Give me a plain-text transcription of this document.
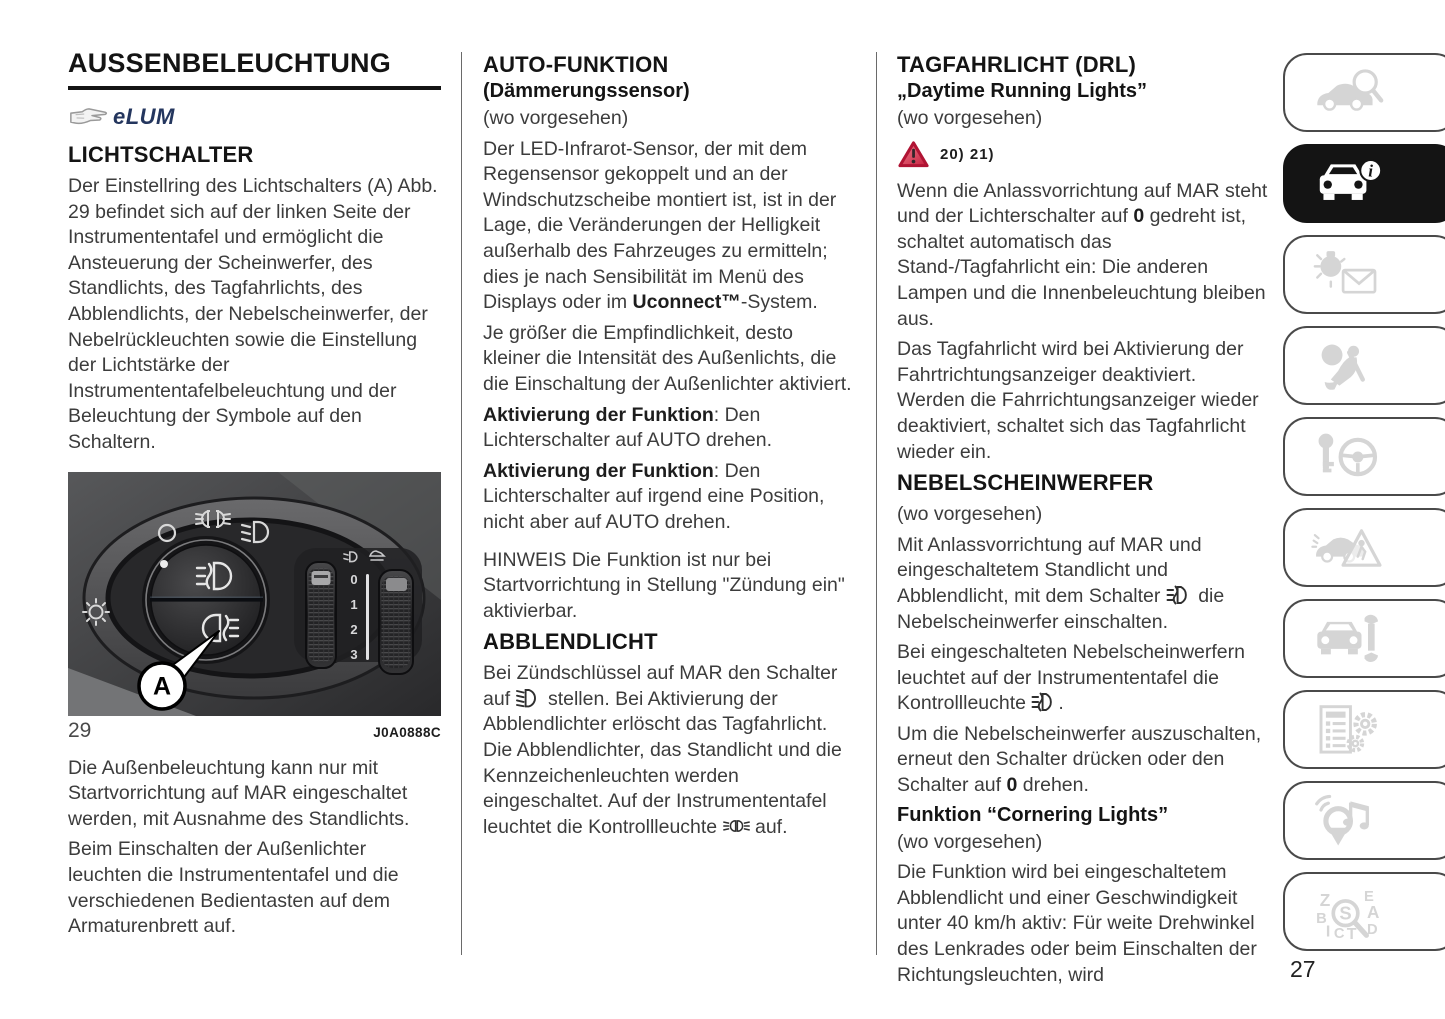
AUSSENBELEUCHTUNG
eLUM
LICHTSCHALTER

Der Einstellring des Lichtschalters (A) Abb. 29 befindet sich auf der linken Seite der Instrumententafel und ermöglicht die Ansteuerung der Scheinwerfer, des Standlichts, des Tagfahrlichts, des Abblendlichts, der Nebelscheinwerfer, der Nebelrückleuchten sowie die Einstellung der Lichtstärke der Instrumententafelbeleuchtung und der Beleuchtung der Symbole auf den Schaltern.

0
1
2
3
A
29	J0A0888C

Die Außenbeleuchtung kann nur mit Startvorrichtung auf MAR eingeschaltet werden, mit Ausnahme des Standlichts.

Beim Einschalten der Außenlichter leuchten die Instrumententafel und die verschiedenen Bedientasten auf dem Armaturenbrett auf.

AUTO-FUNKTION
(Dämmerungssensor)

(wo vorgesehen)

Der LED-Infrarot-Sensor, der mit dem Regensensor gekoppelt und an der Windschutzscheibe montiert ist, ist in der Lage, die Veränderungen der Helligkeit außerhalb des Fahrzeuges zu ermitteln; dies je nach Sensibilität im Menü des Displays oder im Uconnect™-System.

Je größer die Empfindlichkeit, desto kleiner die Intensität des Außenlichts, die die Einschaltung der Außenlichter aktiviert.

Aktivierung der Funktion: Den Lichterschalter auf AUTO drehen.

Aktivierung der Funktion: Den Lichterschalter auf irgend eine Position, nicht aber auf AUTO drehen.

HINWEIS Die Funktion ist nur bei Startvorrichtung in Stellung "Zündung ein" aktivierbar.

ABBLENDLICHT

Bei Zündschlüssel auf MAR den Schalter auf  stellen. Bei Aktivierung der Abblendlichter erlöscht das Tagfahrlicht. Die Abblendlichter, das Standlicht und die Kennzeichenleuchten werden eingeschaltet. Auf der Instrumententafel leuchtet die Kontrollleuchte  auf.

TAGFAHRLICHT (DRL)
„Daytime Running Lights”

(wo vorgesehen)

20) 21)

Wenn die Anlassvorrichtung auf MAR steht und der Lichterschalter auf 0 gedreht ist, schaltet automatisch das Stand-/Tagfahrlicht ein: Die anderen Lampen und die Innenbeleuchtung bleiben aus.

Das Tagfahrlicht wird bei Aktivierung der Fahrtrichtungsanzeiger deaktiviert. Werden die Fahrrichtungsanzeiger wieder deaktiviert, schaltet sich das Tagfahrlicht wieder ein.

NEBELSCHEINWERFER

(wo vorgesehen)

Mit Anlassvorrichtung auf MAR und eingeschaltetem Standlicht und Abblendlicht, mit dem Schalter  die Nebelscheinwerfer einschalten.

Bei eingeschalteten Nebelscheinwerfern leuchtet auf der Instrumententafel die Kontrollleuchte .

Um die Nebelscheinwerfer auszuschalten, erneut den Schalter drücken oder den Schalter auf 0 drehen.

Funktion “Cornering Lights”

(wo vorgesehen)

Die Funktion wird bei eingeschaltetem Abblendlicht und einer Geschwindigkeit unter 40 km/h aktiv: Für weite Drehwinkel des Lenkrades oder beim Einschalten der Richtungsleuchten, wird

i
Z	E
B	A
I C T D
S
27
